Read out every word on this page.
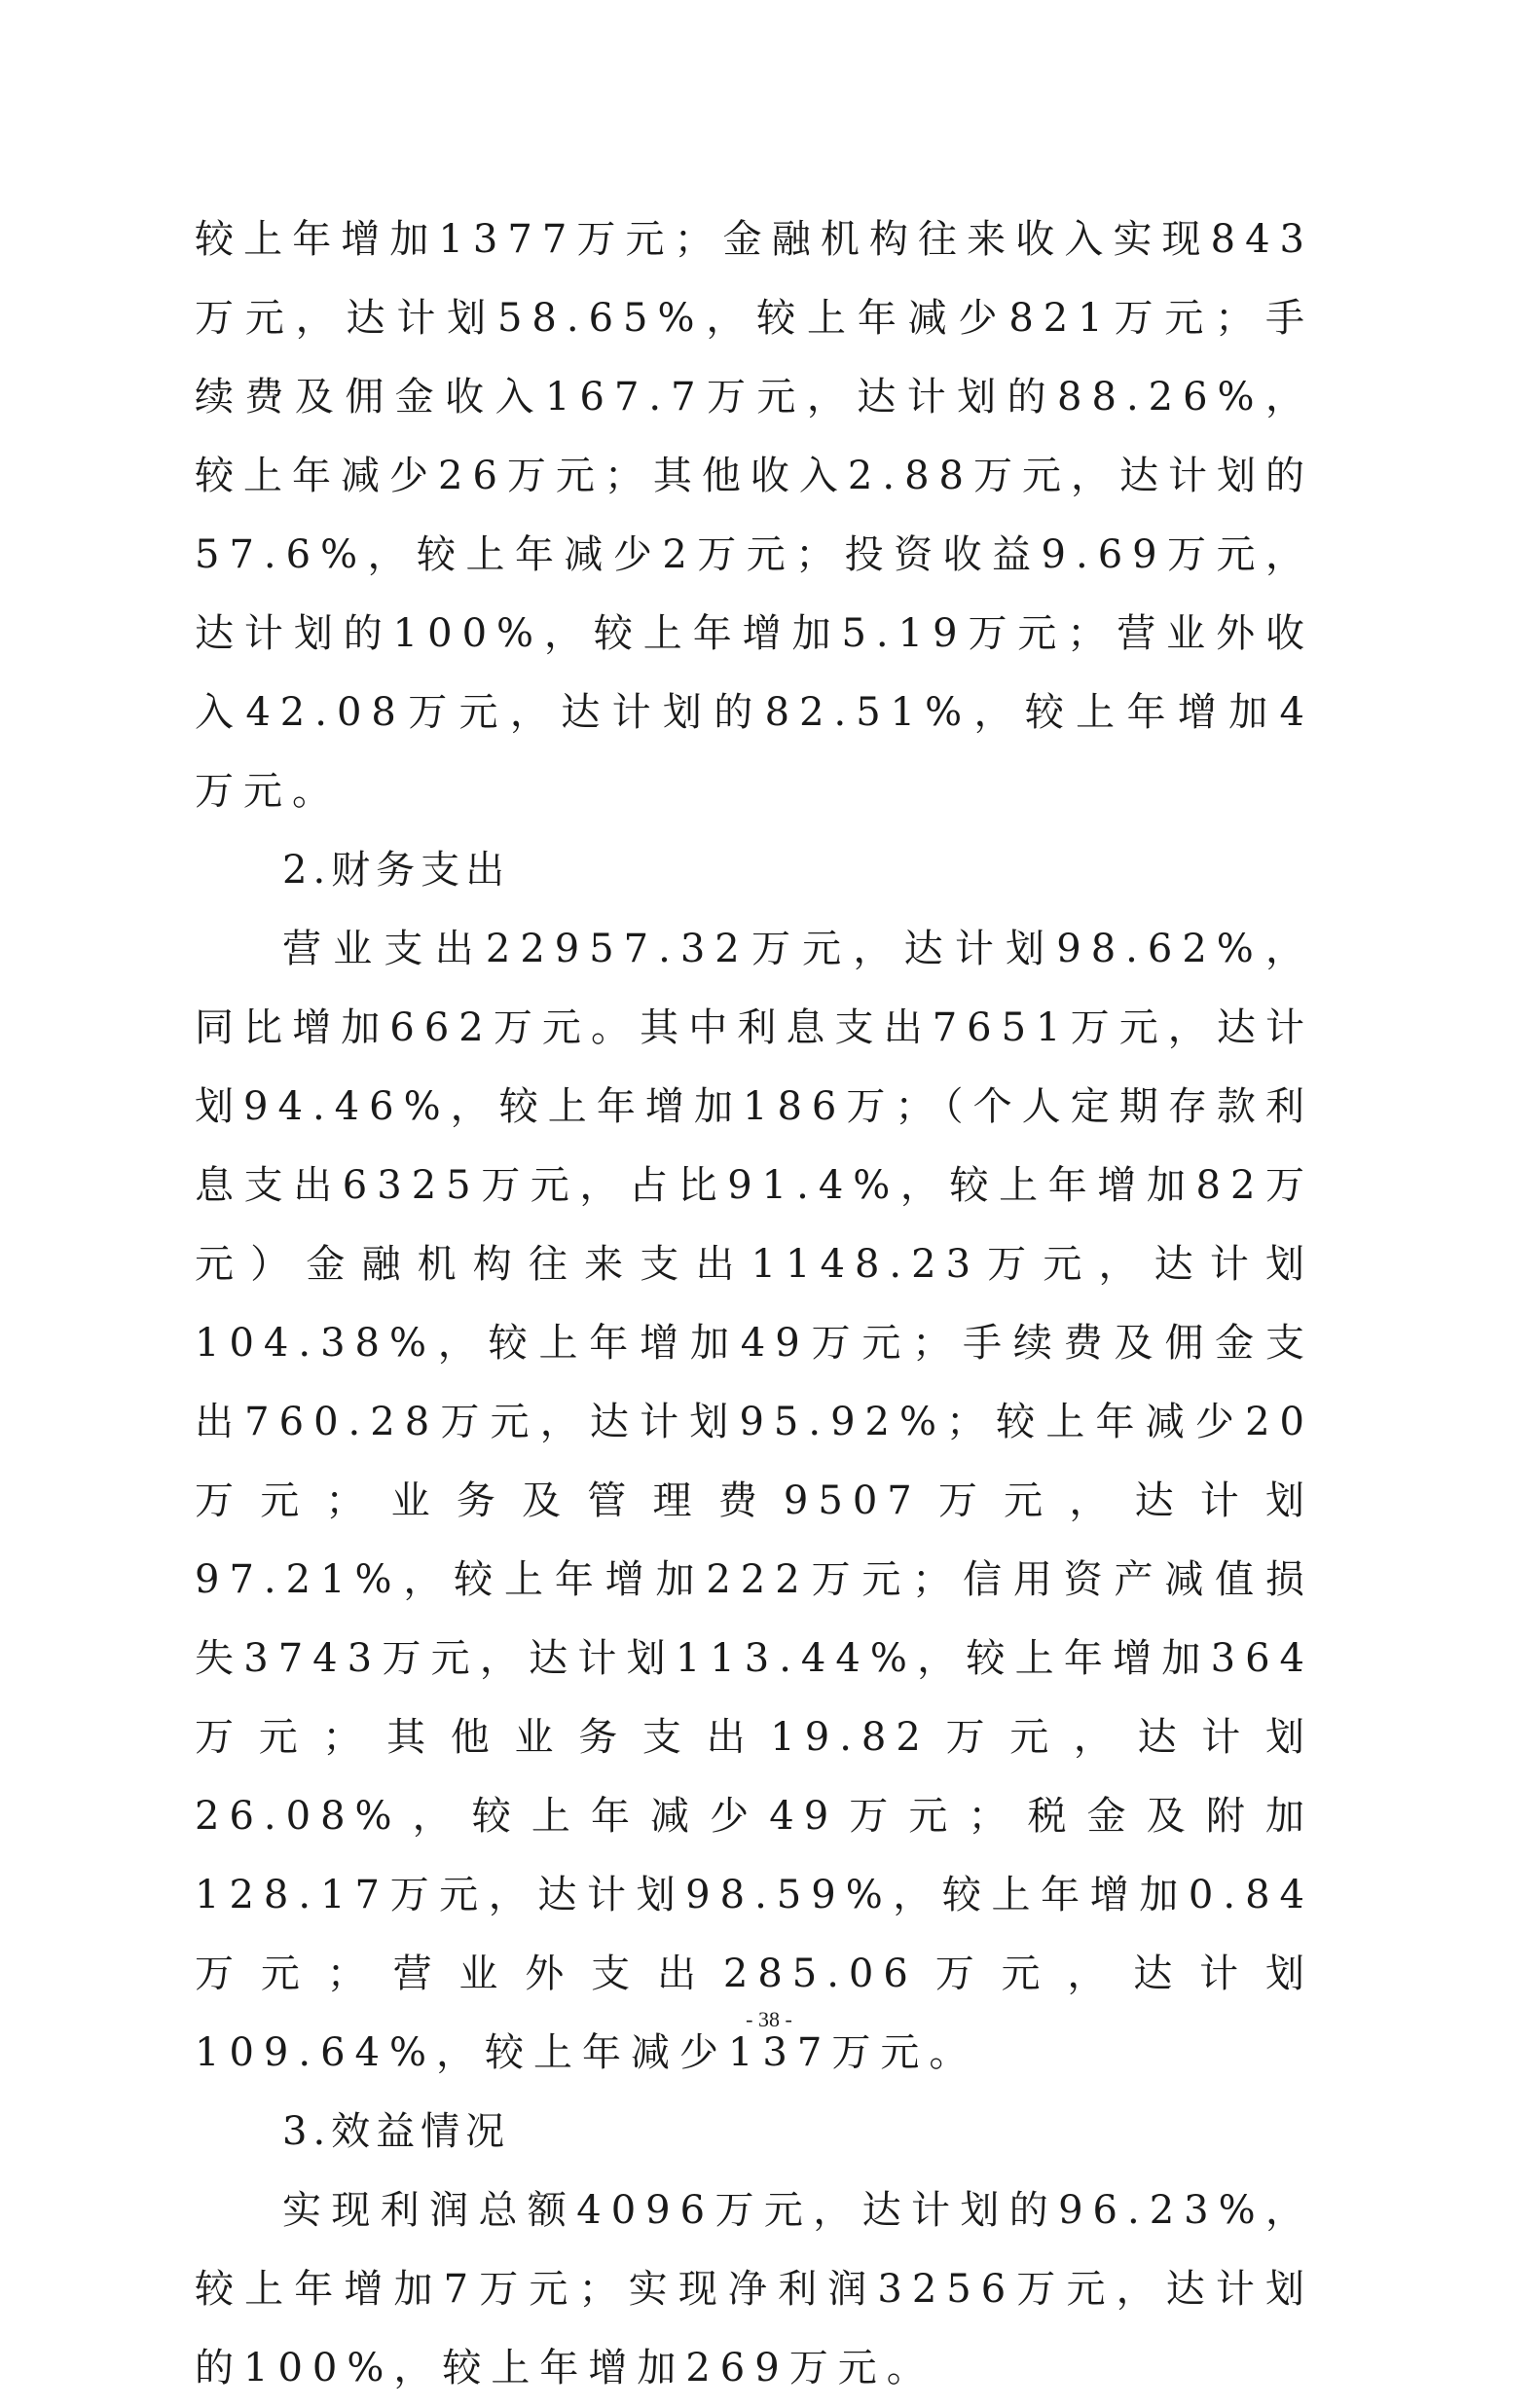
较上年增加1377万元；金融机构往来收入实现843万元，达计划58.65%，较上年减少821万元；手续费及佣金收入167.7万元，达计划的88.26%，较上年减少26万元；其他收入2.88万元，达计划的57.6%，较上年减少2万元；投资收益9.69万元，达计划的100%，较上年增加5.19万元；营业外收入42.08万元，达计划的82.51%，较上年增加4万元。

2.财务支出

营业支出22957.32万元，达计划98.62%，同比增加662万元。其中利息支出7651万元，达计划94.46%，较上年增加186万；（个人定期存款利息支出6325万元，占比91.4%，较上年增加82万元）金融机构往来支出1148.23万元，达计划104.38%，较上年增加49万元；手续费及佣金支出760.28万元，达计划95.92%；较上年减少20万元；业务及管理费9507万元，达计划97.21%，较上年增加222万元；信用资产减值损失3743万元，达计划113.44%，较上年增加364万元；其他业务支出19.82万元，达计划26.08%，较上年减少49万元；税金及附加128.17万元，达计划98.59%，较上年增加0.84万元；营业外支出285.06万元，达计划109.64%，较上年减少137万元。

3.效益情况

实现利润总额4096万元，达计划的96.23%，较上年增加7万元；实现净利润3256万元，达计划的100%，较上年增加269万元。

- 38 -
